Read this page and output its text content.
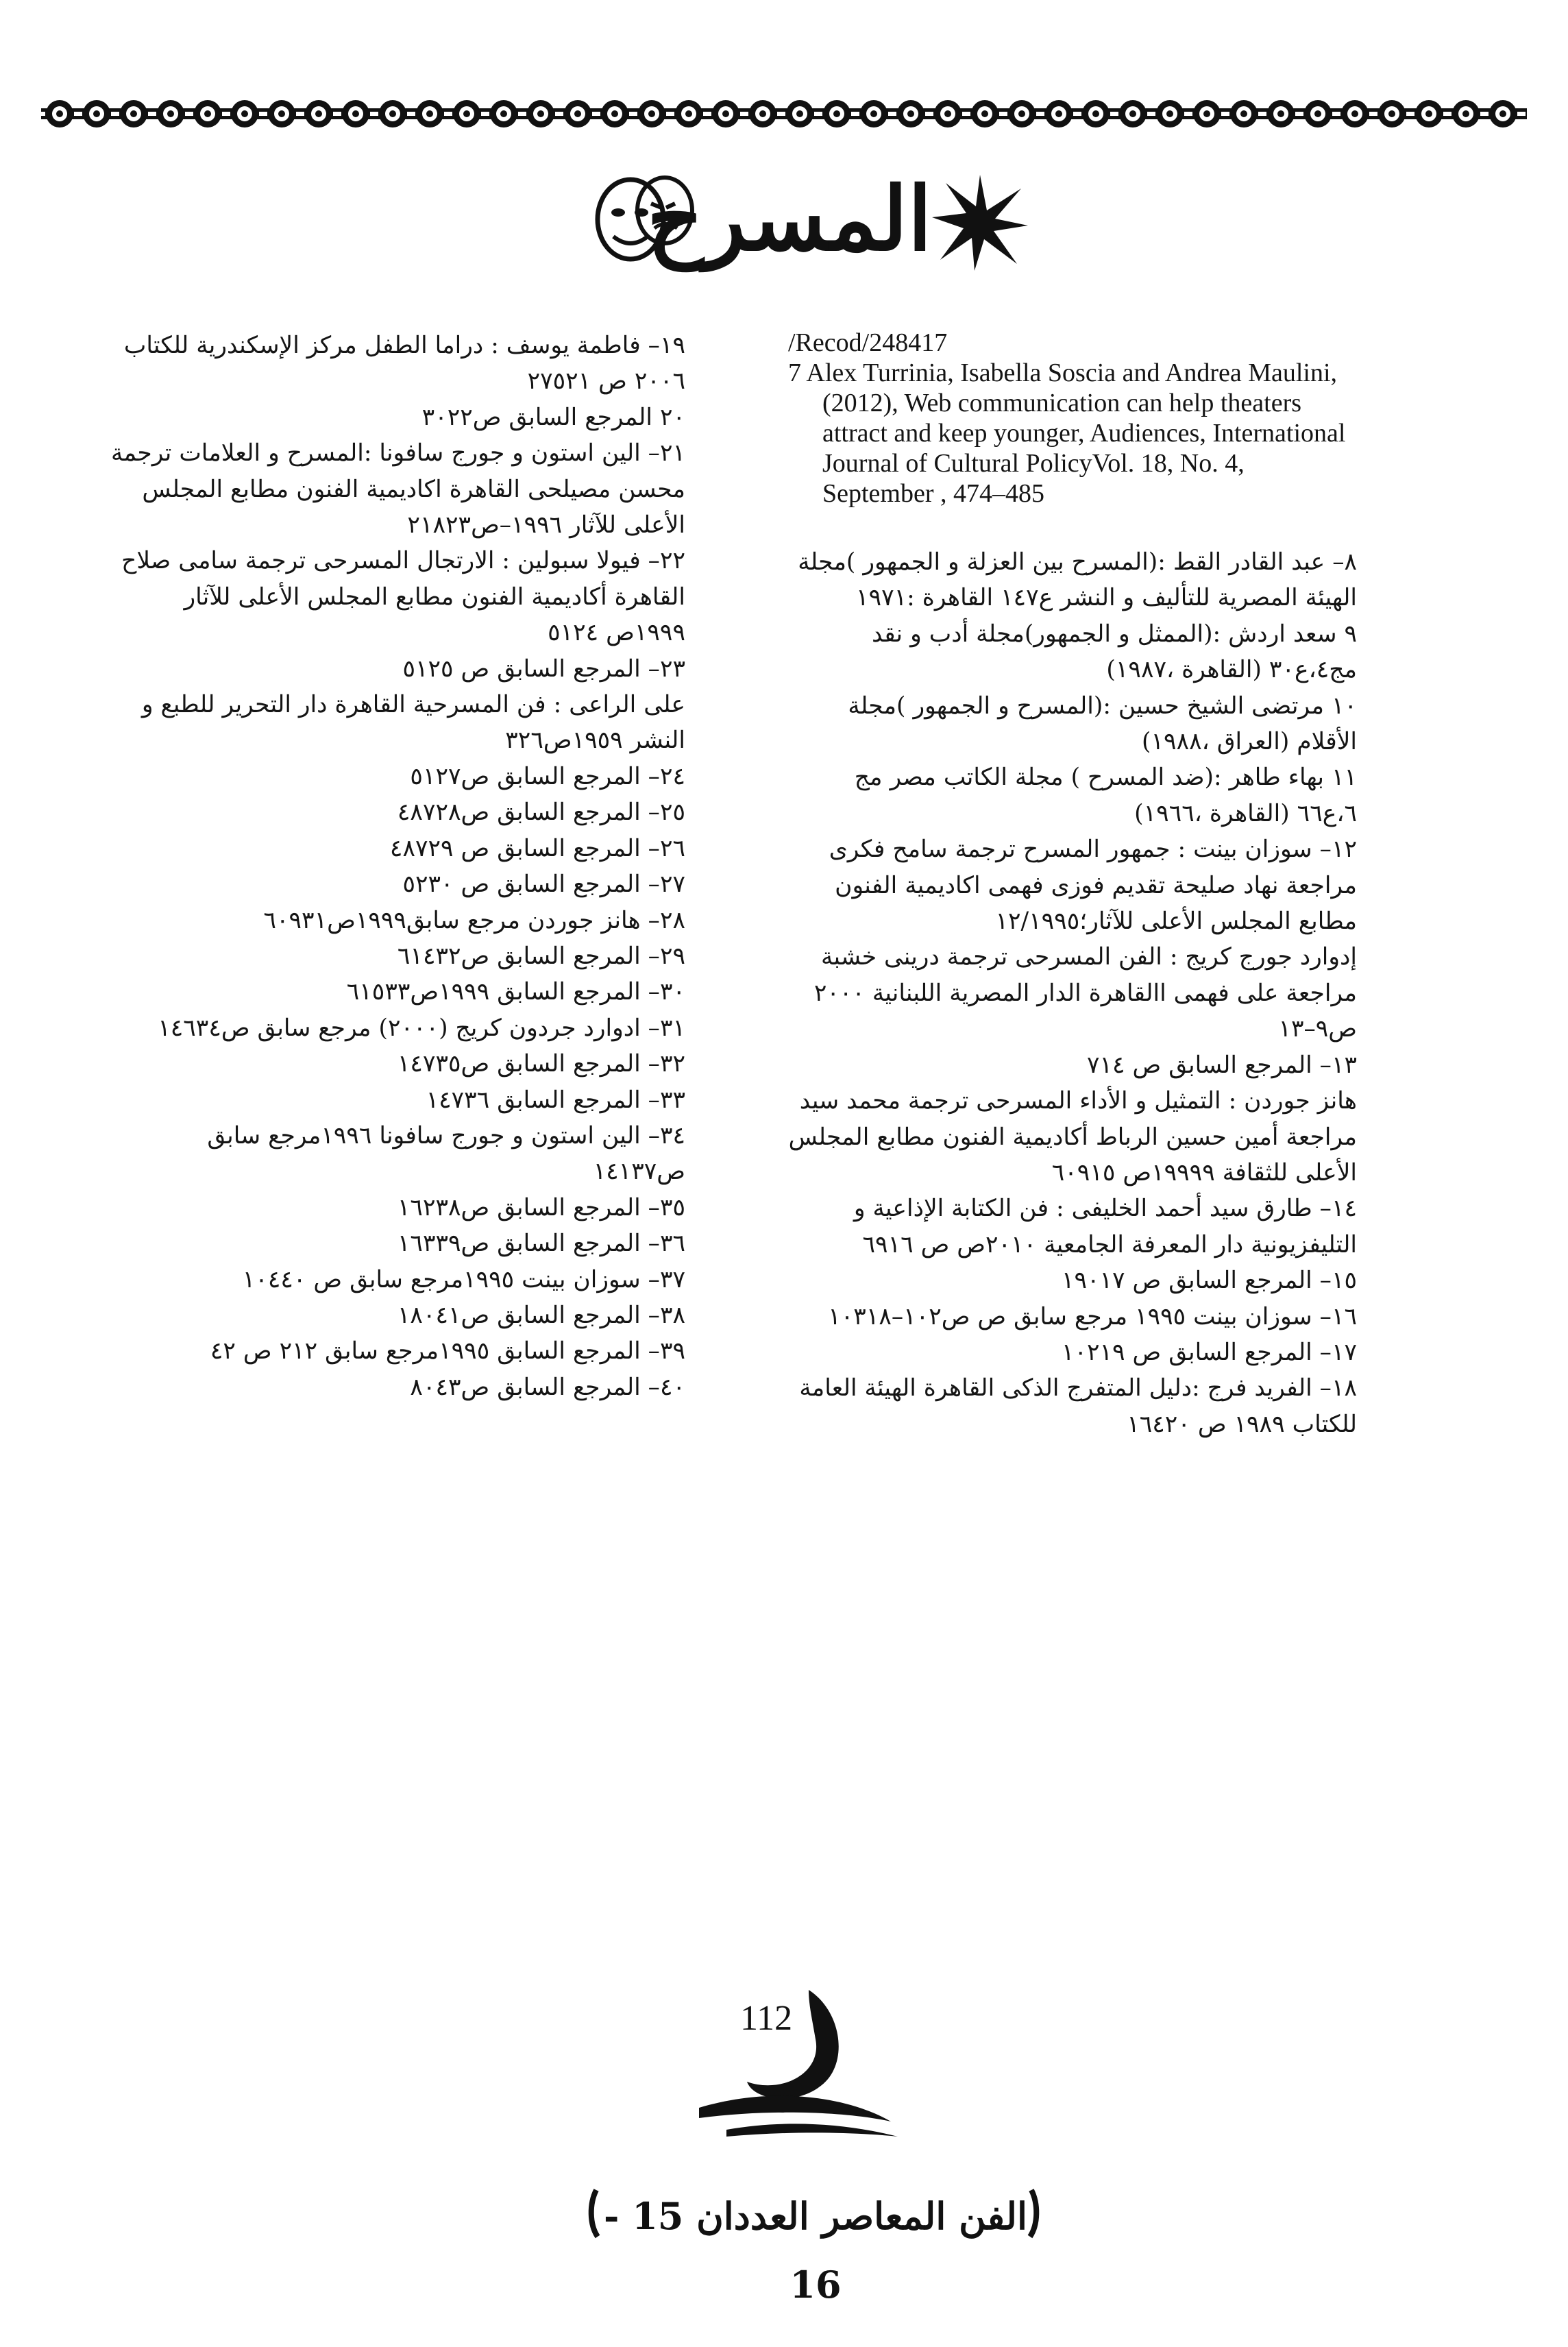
المسرح

/Recod/248417

7 Alex Turrinia, Isabella Soscia and Andrea Maulini,(2012), Web communication can help theaters attract and keep younger, Audiences, International Journal of Cultural PolicyVol. 18, No. 4, September , 474–485

٨– عبد القادر القط :(المسرح بين العزلة و الجمهور )مجلة الهيئة المصرية للتأليف و النشر ع١٤٧ القاهرة :١٩٧١
٩ سعد اردش :(الممثل و الجمهور)مجلة أدب و نقد مج٤،ع٣٠ (القاهرة ،١٩٨٧)
١٠ مرتضى الشيخ حسين :(المسرح و الجمهور )مجلة الأقلام (العراق ،١٩٨٨)
١١ بهاء طاهر :(ضد المسرح ) مجلة الكاتب مصر مج ٦،ع٦٦ (القاهرة ،١٩٦٦)
١٢– سوزان بينت : جمهور المسرح ترجمة سامح فكرى مراجعة نهاد صليحة تقديم فوزى فهمى اكاديمية الفنون مطابع المجلس الأعلى للآثار؛١٢/١٩٩٥
إدوارد جورج كريج : الفن المسرحى ترجمة درينى خشبة مراجعة على فهمى االقاهرة الدار المصرية اللبنانية ٢٠٠٠ ص٩–١٣
١٣– المرجع السابق ص ٧١٤
هانز جوردن : التمثيل و الأداء المسرحى ترجمة محمد سيد مراجعة أمين حسين الرباط أكاديمية الفنون مطابع المجلس الأعلى للثقافة ١٩٩٩٩ص ٦٠٩١٥
١٤– طارق سيد أحمد الخليفى : فن الكتابة الإذاعية و التليفزيونية دار المعرفة الجامعية ٢٠١٠ص ص ٦٩١٦
١٥– المرجع السابق ص ١٩٠١٧
١٦– سوزان بينت ١٩٩٥ مرجع سابق ص ص١٠٢–١٠٣١٨
١٧– المرجع السابق ص ١٠٢١٩
١٨– الفريد فرج :دليل المتفرج الذكى القاهرة الهيئة العامة للكتاب ١٩٨٩ ص ١٦٤٢٠
١٩– فاطمة يوسف : دراما الطفل مركز الإسكندرية للكتاب ٢٠٠٦ ص ٢٧٥٢١
٢٠ المرجع السابق ص٣٠٢٢
٢١– الين استون و جورج سافونا :المسرح و العلامات ترجمة محسن مصيلحى القاهرة اكاديمية الفنون مطابع المجلس الأعلى للآثار ١٩٩٦–ص٢١٨٢٣
٢٢– فيولا سبولين : الارتجال المسرحى ترجمة سامى صلاح القاهرة أكاديمية الفنون مطابع المجلس الأعلى للآثار ١٩٩٩ص ٥١٢٤
٢٣– المرجع السابق ص ٥١٢٥
على الراعى : فن المسرحية القاهرة دار التحرير للطبع و النشر ١٩٥٩ص٣٢٦
٢٤– المرجع السابق ص٥١٢٧
٢٥– المرجع السابق ص٤٨٧٢٨
٢٦– المرجع السابق ص ٤٨٧٢٩
٢٧– المرجع السابق ص ٥٢٣٠
٢٨– هانز جوردن مرجع سابق١٩٩٩ص٦٠٩٣١
٢٩– المرجع السابق ص٦١٤٣٢
٣٠– المرجع السابق ١٩٩٩ص٦١٥٣٣
٣١– ادوارد جردون كريج (٢٠٠٠) مرجع سابق ص١٤٦٣٤
٣٢– المرجع السابق ص١٤٧٣٥
٣٣– المرجع السابق ١٤٧٣٦
٣٤– الين استون و جورج سافونا ١٩٩٦مرجع سابق ص١٤١٣٧
٣٥– المرجع السابق ص١٦٢٣٨
٣٦– المرجع السابق ص١٦٣٣٩
٣٧– سوزان بينت ١٩٩٥مرجع سابق ص ١٠٤٤٠
٣٨– المرجع السابق ص١٨٠٤١
٣٩– المرجع السابق ١٩٩٥مرجع سابق ٢١٢ ص ٤٢
٤٠– المرجع السابق ص٨٠٤٣
112
الفن المعاصر العددان 15 - 16
